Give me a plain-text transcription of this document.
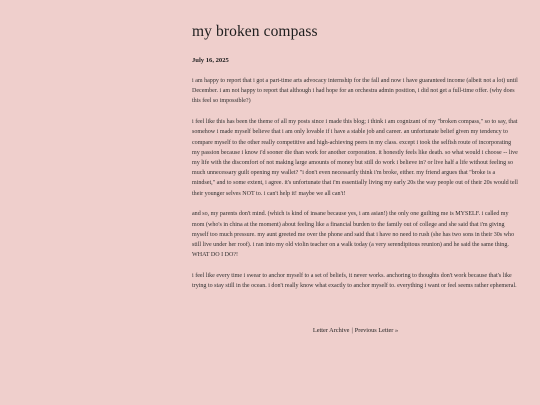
my broken compass
July 16, 2025

i am happy to report that i got a part-time arts advocacy internship for the fall and now i have guaranteed income (albeit not a lot) until December. i am not happy to report that although i had hope for an orchestra admin position, i did not get a full-time offer. (why does this feel so impossible?)

i feel like this has been the theme of all my posts since i made this blog; i think i am cognizant of my "broken compass," so to say, that somehow i made myself believe that i am only lovable if i have a stable job and career. an unfortunate belief given my tendency to compare myself to the other really competitive and high-achieving peers in my class. except i took the selfish route of incorporating my passion because i know i'd sooner die than work for another corporation. it honestly feels like death. so what would i choose -- live my life with the discomfort of not making large amounts of money but still do work i believe in? or live half a life without feeling so much unnecessary guilt opening my wallet? "i don't even necessarily think i'm broke, either. my friend argues that "broke is a mindset," and to some extent, i agree. it's unfortunate that i'm essentially living my early 20s the way people out of their 20s would tell their younger selves NOT to. i can't help it! maybe we all can't!

and so, my parents don't mind. (which is kind of insane because yes, i am asian!) the only one guilting me is MYSELF. i called my mom (who's in china at the moment) about feeling like a financial burden to the family out of college and she said that i'm giving myself too much pressure. my aunt greeted me over the phone and said that i have no need to rush (she has two sons in their 30s who still live under her roof). i ran into my old violin teacher on a walk today (a very serendipitous reunion) and he said the same thing. WHAT DO I DO?!

i feel like every time i swear to anchor myself to a set of beliefs, it never works. anchoring to thoughts don't work because that's like trying to stay still in the ocean. i don't really know what exactly to anchor myself to. everything i want or feel seems rather ephemeral.

Letter Archive | Previous Letter »
